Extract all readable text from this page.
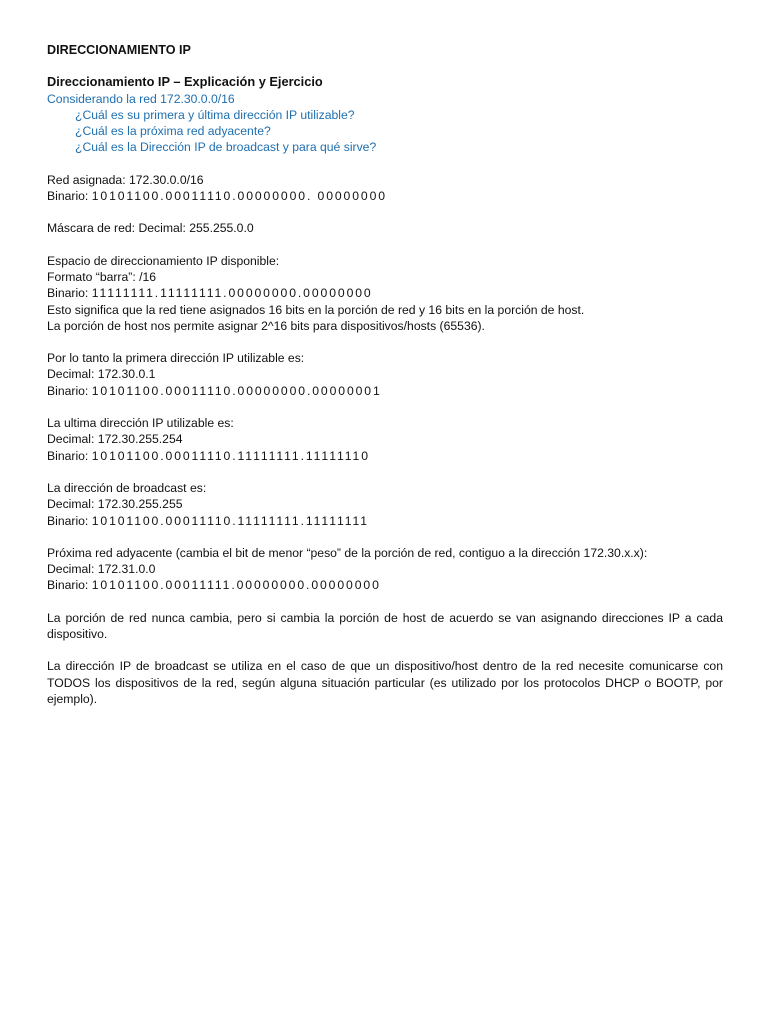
DIRECCIONAMIENTO IP
Direccionamiento IP – Explicación y Ejercicio
Considerando la red 172.30.0.0/16
¿Cuál es su primera y última dirección IP utilizable?
¿Cuál es la próxima red adyacente?
¿Cuál es la Dirección IP de broadcast y para qué sirve?
Red asignada: 172.30.0.0/16
Binario: 10101100.00011110.00000000. 00000000
Máscara de red: Decimal: 255.255.0.0
Espacio de direccionamiento IP disponible:
Formato “barra”: /16
Binario: 11111111.11111111.00000000.00000000
Esto significa que la red tiene asignados 16 bits en la porción de red y 16 bits en la porción de host.
La porción de host nos permite asignar 2^16 bits para dispositivos/hosts (65536).
Por lo tanto la primera dirección IP utilizable es:
Decimal: 172.30.0.1
Binario: 10101100.00011110.00000000.00000001
La ultima dirección IP utilizable es:
Decimal: 172.30.255.254
Binario: 10101100.00011110.11111111.11111110
La dirección de broadcast es:
Decimal: 172.30.255.255
Binario: 10101100.00011110.11111111.11111111
Próxima red adyacente (cambia el bit de menor “peso” de la porción de red, contiguo a la dirección 172.30.x.x):
Decimal: 172.31.0.0
Binario: 10101100.00011111.00000000.00000000
La porción de red nunca cambia, pero si cambia la porción de host de acuerdo se van asignando direcciones IP a cada dispositivo.
La dirección IP de broadcast se utiliza en el caso de que un dispositivo/host dentro de la red necesite comunicarse con TODOS los dispositivos de la red, según alguna situación particular (es utilizado por los protocolos DHCP o BOOTP, por ejemplo).
